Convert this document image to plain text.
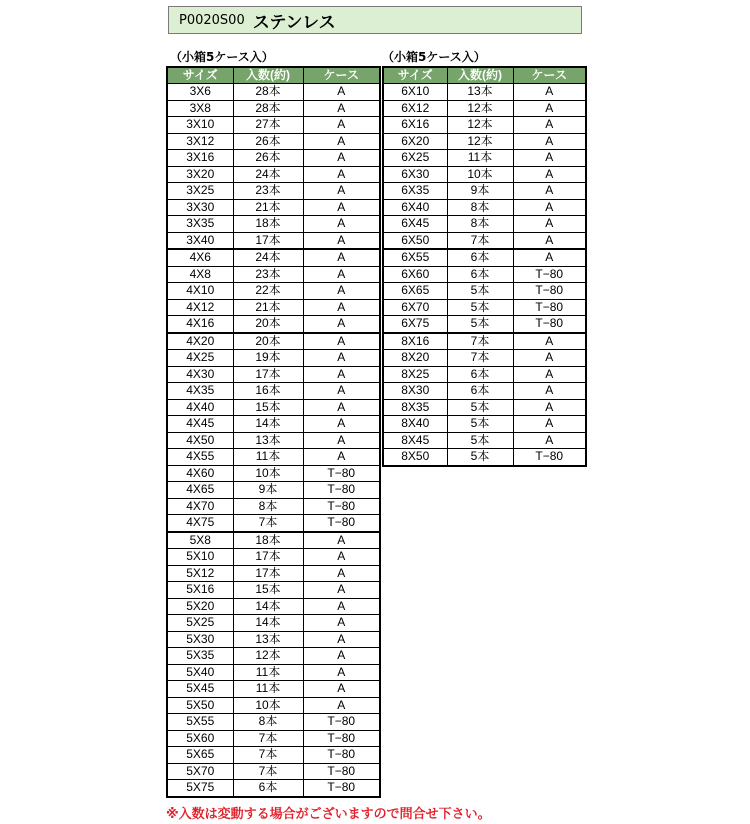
P0020S00 ステンレス
（小箱5ケース入）	（小箱5ケース入）
サイズ	入数(約)	ケース
3X6	28本	A
3X8	28本	A
3X10	27本	A
3X12	26本	A
3X16	26本	A
3X20	24本	A
3X25	23本	A
3X30	21本	A
3X35	18本	A
3X40	17本	A
4X6	24本	A
4X8	23本	A
4X10	22本	A
4X12	21本	A
4X16	20本	A
4X20	20本	A
4X25	19本	A
4X30	17本	A
4X35	16本	A
4X40	15本	A
4X45	14本	A
4X50	13本	A
4X55	11本	A
4X60	10本	T−80
4X65	9本	T−80
4X70	8本	T−80
4X75	7本	T−80
5X8	18本	A
5X10	17本	A
5X12	17本	A
5X16	15本	A
5X20	14本	A
5X25	14本	A
5X30	13本	A
5X35	12本	A
5X40	11本	A
5X45	11本	A
5X50	10本	A
5X55	8本	T−80
5X60	7本	T−80
5X65	7本	T−80
5X70	7本	T−80
5X75	6本	T−80
サイズ	入数(約)	ケース
6X10	13本	A
6X12	12本	A
6X16	12本	A
6X20	12本	A
6X25	11本	A
6X30	10本	A
6X35	9本	A
6X40	8本	A
6X45	8本	A
6X50	7本	A
6X55	6本	A
6X60	6本	T−80
6X65	5本	T−80
6X70	5本	T−80
6X75	5本	T−80
8X16	7本	A
8X20	7本	A
8X25	6本	A
8X30	6本	A
8X35	5本	A
8X40	5本	A
8X45	5本	A
8X50	5本	T−80
※入数は変動する場合がございますので問合せ下さい。
